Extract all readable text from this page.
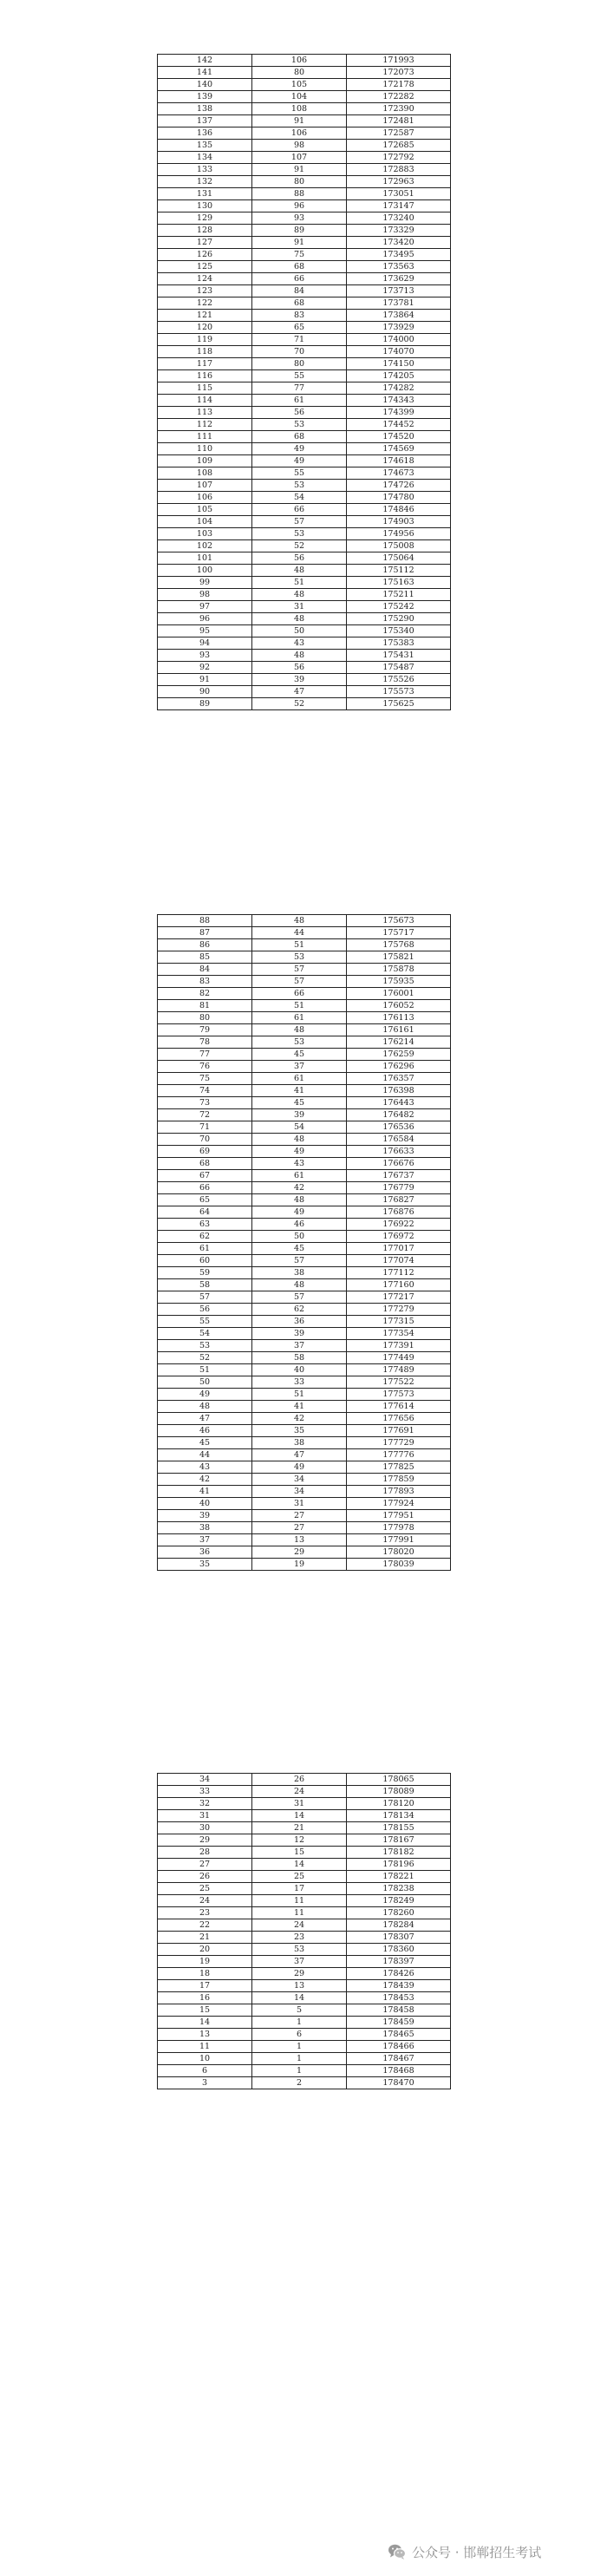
142	106	171993
141	80	172073
140	105	172178
139	104	172282
138	108	172390
137	91	172481
136	106	172587
135	98	172685
134	107	172792
133	91	172883
132	80	172963
131	88	173051
130	96	173147
129	93	173240
128	89	173329
127	91	173420
126	75	173495
125	68	173563
124	66	173629
123	84	173713
122	68	173781
121	83	173864
120	65	173929
119	71	174000
118	70	174070
117	80	174150
116	55	174205
115	77	174282
114	61	174343
113	56	174399
112	53	174452
111	68	174520
110	49	174569
109	49	174618
108	55	174673
107	53	174726
106	54	174780
105	66	174846
104	57	174903
103	53	174956
102	52	175008
101	56	175064
100	48	175112
99	51	175163
98	48	175211
97	31	175242
96	48	175290
95	50	175340
94	43	175383
93	48	175431
92	56	175487
91	39	175526
90	47	175573
89	52	175625
88	48	175673
87	44	175717
86	51	175768
85	53	175821
84	57	175878
83	57	175935
82	66	176001
81	51	176052
80	61	176113
79	48	176161
78	53	176214
77	45	176259
76	37	176296
75	61	176357
74	41	176398
73	45	176443
72	39	176482
71	54	176536
70	48	176584
69	49	176633
68	43	176676
67	61	176737
66	42	176779
65	48	176827
64	49	176876
63	46	176922
62	50	176972
61	45	177017
60	57	177074
59	38	177112
58	48	177160
57	57	177217
56	62	177279
55	36	177315
54	39	177354
53	37	177391
52	58	177449
51	40	177489
50	33	177522
49	51	177573
48	41	177614
47	42	177656
46	35	177691
45	38	177729
44	47	177776
43	49	177825
42	34	177859
41	34	177893
40	31	177924
39	27	177951
38	27	177978
37	13	177991
36	29	178020
35	19	178039
34	26	178065
33	24	178089
32	31	178120
31	14	178134
30	21	178155
29	12	178167
28	15	178182
27	14	178196
26	25	178221
25	17	178238
24	11	178249
23	11	178260
22	24	178284
21	23	178307
20	53	178360
19	37	178397
18	29	178426
17	13	178439
16	14	178453
15	5	178458
14	1	178459
13	6	178465
11	1	178466
10	1	178467
6	1	178468
3	2	178470
公众号 · 邯郸招生考试
